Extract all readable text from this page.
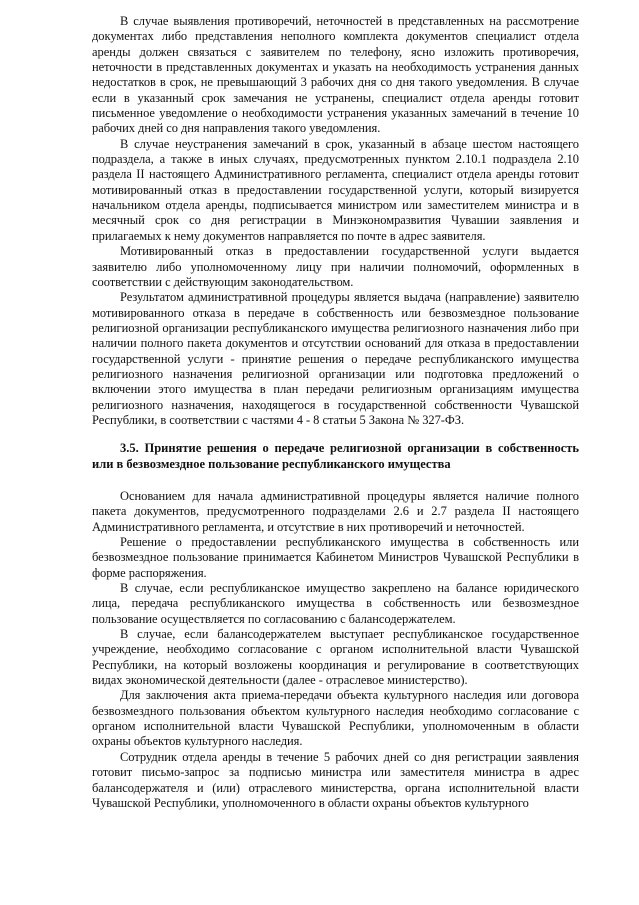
В случае выявления противоречий, неточностей в представленных на рассмотрение документах либо представления неполного комплекта документов специалист отдела аренды должен связаться с заявителем по телефону, ясно изложить противоречия, неточности в представленных документах и указать на необходимость устранения данных недостатков в срок, не превышающий 3 рабочих дня со дня такого уведомления. В случае если в указанный срок замечания не устранены, специалист отдела аренды готовит письменное уведомление о необходимости устранения указанных замечаний в течение 10 рабочих дней со дня направления такого уведомления.

В случае неустранения замечаний в срок, указанный в абзаце шестом настоящего подраздела, а также в иных случаях, предусмотренных пунктом 2.10.1 подраздела 2.10 раздела II настоящего Административного регламента, специалист отдела аренды готовит мотивированный отказ в предоставлении государственной услуги, который визируется начальником отдела аренды, подписывается министром или заместителем министра и в месячный срок со дня регистрации в Минэкономразвития Чувашии заявления и прилагаемых к нему документов направляется по почте в адрес заявителя.

Мотивированный отказ в предоставлении государственной услуги выдается заявителю либо уполномоченному лицу при наличии полномочий, оформленных в соответствии с действующим законодательством.

Результатом административной процедуры является выдача (направление) заявителю мотивированного отказа в передаче в собственность или безвозмездное пользование религиозной организации республиканского имущества религиозного назначения либо при наличии полного пакета документов и отсутствии оснований для отказа в предоставлении государственной услуги - принятие решения о передаче республиканского имущества религиозного назначения религиозной организации или подготовка предложений о включении этого имущества в план передачи религиозным организациям имущества религиозного назначения, находящегося в государственной собственности Чувашской Республики, в соответствии с частями 4 - 8 статьи 5 Закона № 327-ФЗ.

3.5. Принятие решения о передаче религиозной организации в собственность или в безвозмездное пользование республиканского имущества

Основанием для начала административной процедуры является наличие полного пакета документов, предусмотренного подразделами 2.6 и 2.7 раздела II настоящего Административного регламента, и отсутствие в них противоречий и неточностей.

Решение о предоставлении республиканского имущества в собственность или безвозмездное пользование принимается Кабинетом Министров Чувашской Республики в форме распоряжения.

В случае, если республиканское имущество закреплено на балансе юридического лица, передача республиканского имущества в собственность или безвозмездное пользование осуществляется по согласованию с балансодержателем.

В случае, если балансодержателем выступает республиканское государственное учреждение, необходимо согласование с органом исполнительной власти Чувашской Республики, на который возложены координация и регулирование в соответствующих видах экономической деятельности (далее - отраслевое министерство).

Для заключения акта приема-передачи объекта культурного наследия или договора безвозмездного пользования объектом культурного наследия необходимо согласование с органом исполнительной власти Чувашской Республики, уполномоченным в области охраны объектов культурного наследия.

Сотрудник отдела аренды в течение 5 рабочих дней со дня регистрации заявления готовит письмо-запрос за подписью министра или заместителя министра в адрес балансодержателя и (или) отраслевого министерства, органа исполнительной власти Чувашской Республики, уполномоченного в области охраны объектов культурного
